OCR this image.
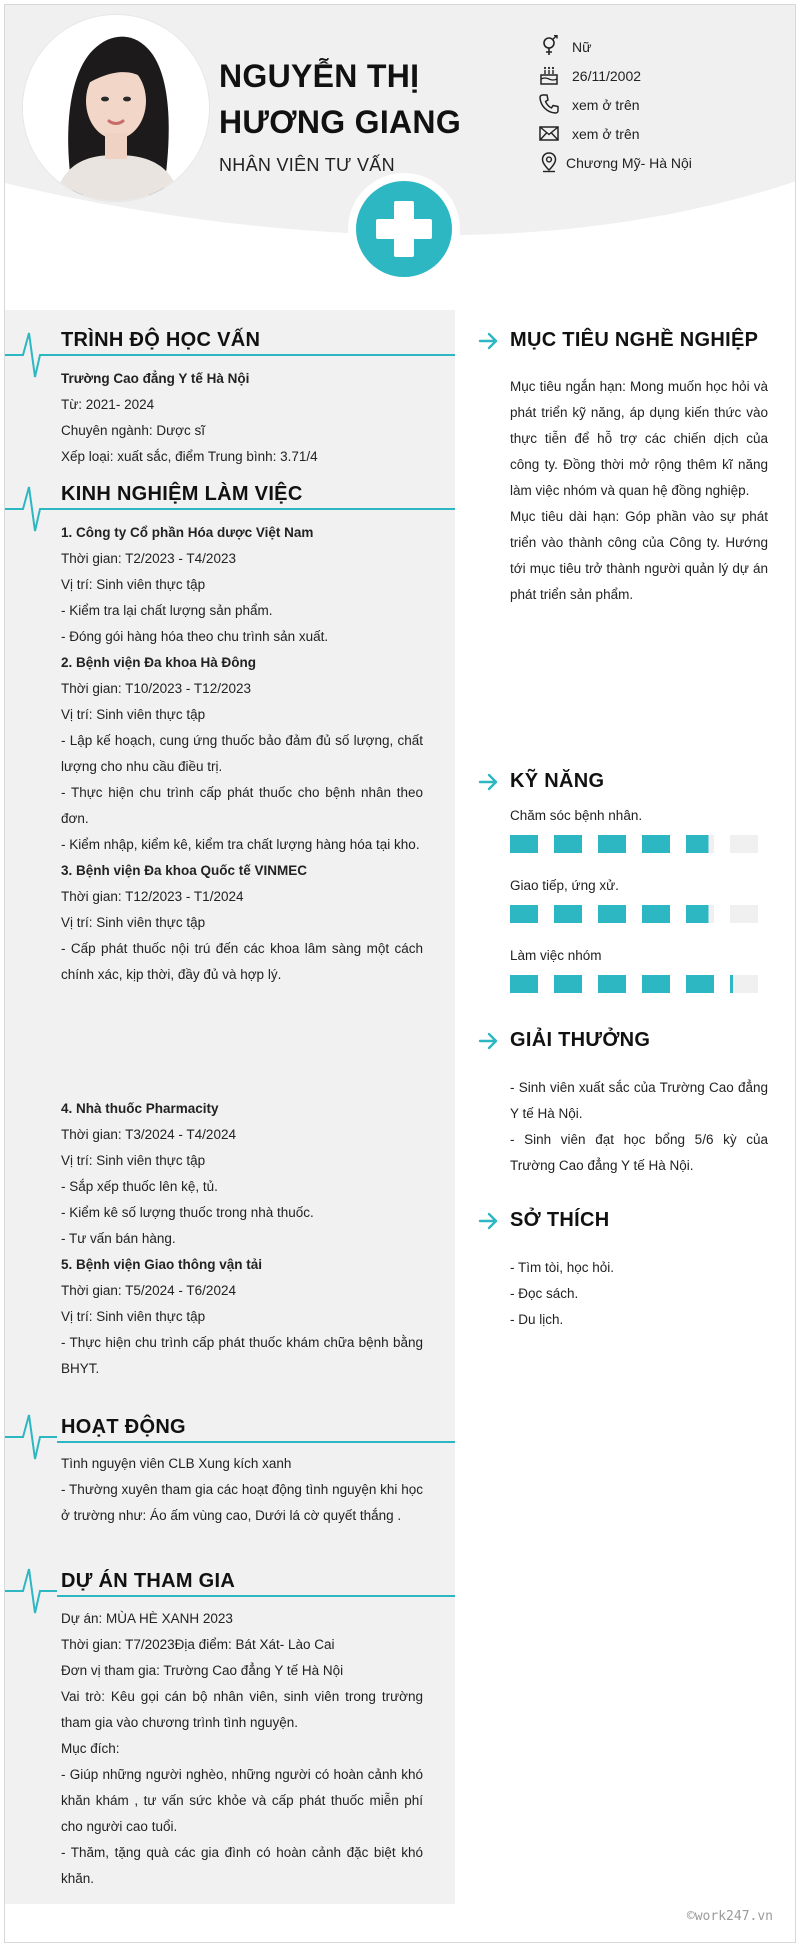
NGUYỄN THỊ
HƯƠNG GIANG
NHÂN VIÊN TƯ VẤN
Nữ
26/11/2002
xem ở trên
xem ở trên
Chương Mỹ- Hà Nội
TRÌNH ĐỘ HỌC VẤN

Trường Cao đẳng Y tế Hà Nội

Từ: 2021- 2024

Chuyên ngành: Dược sĩ

Xếp loại: xuất sắc, điểm Trung bình: 3.71/4

KINH NGHIỆM LÀM VIỆC

1. Công ty Cổ phần Hóa dược Việt Nam

Thời gian: T2/2023 - T4/2023

Vị trí: Sinh viên thực tập

- Kiểm tra lại chất lượng sản phẩm.

- Đóng gói hàng hóa theo chu trình sản xuất.

2. Bệnh viện Đa khoa Hà Đông

Thời gian: T10/2023 - T12/2023

Vị trí: Sinh viên thực tập

- Lập kế hoạch, cung ứng thuốc bảo đảm đủ số lượng, chất lượng cho nhu cầu điều trị.

- Thực hiện chu trình cấp phát thuốc cho bệnh nhân theo đơn.

- Kiểm nhập, kiểm kê, kiểm tra chất lượng hàng hóa tại kho.

3. Bệnh viện Đa khoa Quốc tế VINMEC

Thời gian: T12/2023 - T1/2024

Vị trí: Sinh viên thực tập

- Cấp phát thuốc nội trú đến các khoa lâm sàng một cách chính xác, kịp thời, đầy đủ và hợp lý.

4. Nhà thuốc Pharmacity

Thời gian: T3/2024 - T4/2024

Vị trí: Sinh viên thực tập

- Sắp xếp thuốc lên kệ, tủ.

- Kiểm kê số lượng thuốc trong nhà thuốc.

- Tư vấn bán hàng.

5. Bệnh viện Giao thông vận tải

Thời gian: T5/2024 - T6/2024

Vị trí: Sinh viên thực tập

- Thực hiện chu trình cấp phát thuốc khám chữa bệnh bằng BHYT.

HOẠT ĐỘNG

Tình nguyện viên CLB Xung kích xanh

- Thường xuyên tham gia các hoạt động tình nguyện khi học ở trường như: Áo ấm vùng cao, Dưới lá cờ quyết thắng .

DỰ ÁN THAM GIA

Dự án: MÙA HÈ XANH 2023

Thời gian: T7/2023Địa điểm: Bát Xát- Lào Cai

Đơn vị tham gia: Trường Cao đẳng Y tế Hà Nội

Vai trò: Kêu gọi cán bộ nhân viên, sinh viên trong trường tham gia vào chương trình tình nguyện.

Mục đích:

- Giúp những người nghèo, những người có hoàn cảnh khó khăn khám , tư vấn sức khỏe và cấp phát thuốc miễn phí cho người cao tuổi.

- Thăm, tặng quà các gia đình có hoàn cảnh đặc biệt khó khăn.

MỤC TIÊU NGHỀ NGHIỆP

Mục tiêu ngắn hạn: Mong muốn học hỏi và phát triển kỹ năng, áp dụng kiến thức vào thực tiễn để hỗ trợ các chiến dịch của công ty. Đồng thời mở rộng thêm kĩ năng làm việc nhóm và quan hệ đồng nghiệp.

Mục tiêu dài hạn: Góp phần vào sự phát triển vào thành công của Công ty. Hướng tới mục tiêu trở thành người quản lý dự án phát triển sản phẩm.

KỸ NĂNG
Chăm sóc bệnh nhân.
Giao tiếp, ứng xử.
Làm việc nhóm
GIẢI THƯỞNG

- Sinh viên xuất sắc của Trường Cao đẳng Y tế Hà Nội.

- Sinh viên đạt học bổng 5/6 kỳ của Trường Cao đẳng Y tế Hà Nội.

SỞ THÍCH

- Tìm tòi, học hỏi.

- Đọc sách.

- Du lịch.

©work247.vn
